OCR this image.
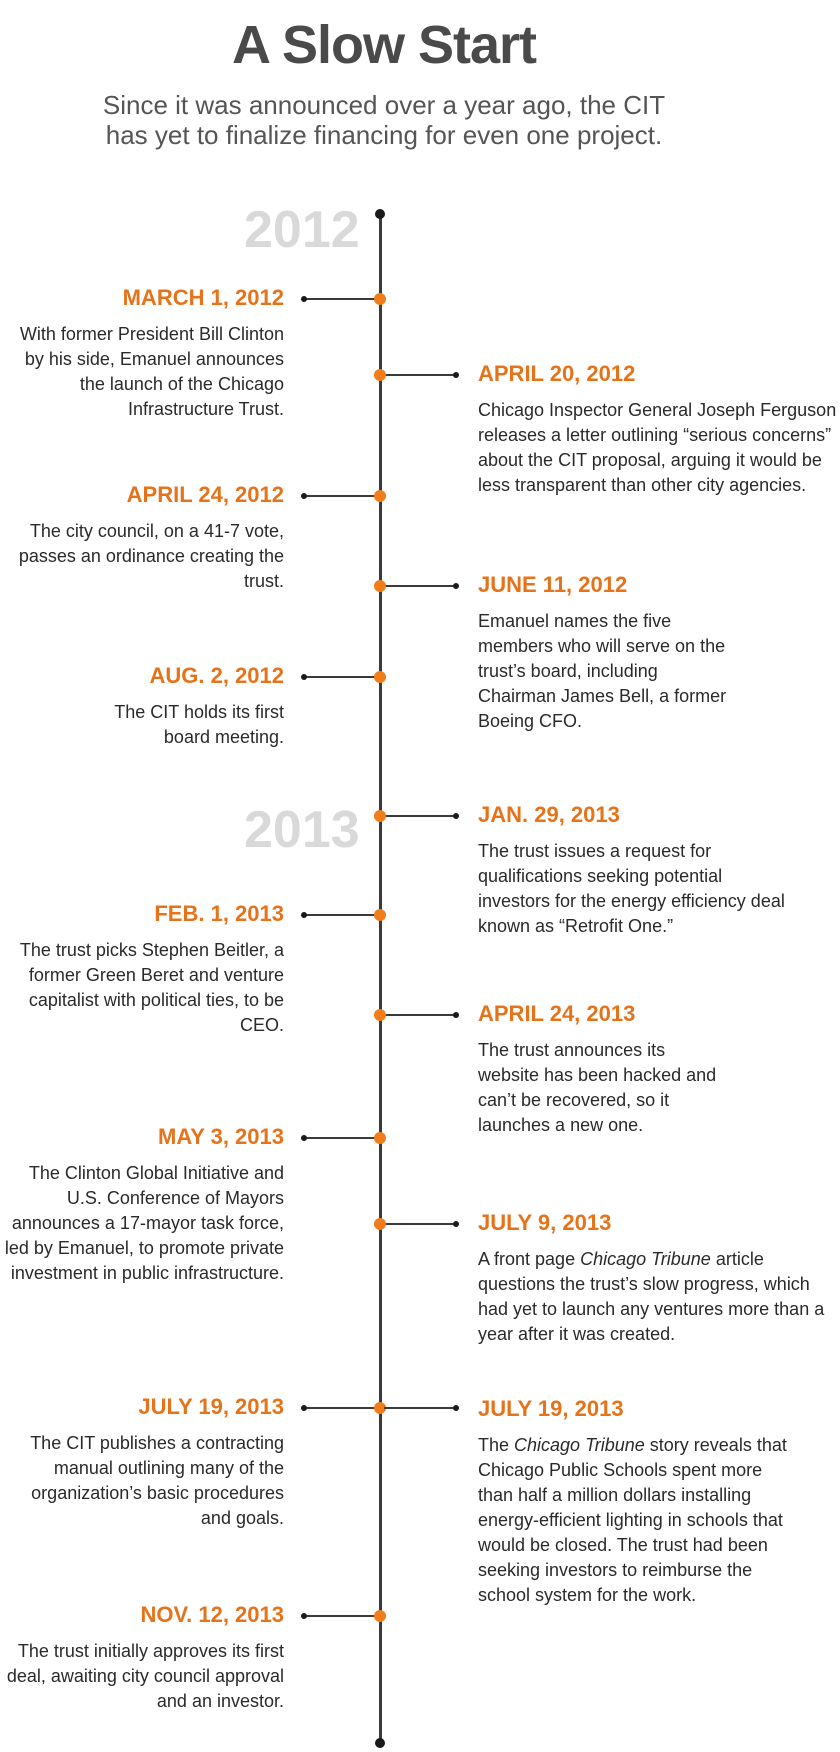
A Slow Start
Since it was announced over a year ago, the CIT
has yet to finalize financing for even one project.
2012
2013
MARCH 1, 2012
With former President Bill Clinton by his side, Emanuel announces the launch of the Chicago Infrastructure Trust.
APRIL 24, 2012
The city council, on a 41-7 vote, passes an ordinance creating the trust.
AUG. 2, 2012
The CIT holds its first board meeting.
FEB. 1, 2013
The trust picks Stephen Beitler, a former Green Beret and venture capitalist with political ties, to be CEO.
MAY 3, 2013
The Clinton Global Initiative and U.S. Conference of Mayors announces a 17-mayor task force, led by Emanuel, to promote private investment in public infrastructure.
JULY 19, 2013
The CIT publishes a contracting manual outlining many of the organization’s basic procedures and goals.
NOV. 12, 2013
The trust initially approves its first deal, awaiting city council approval and an investor.
APRIL 20, 2012
Chicago Inspector General Joseph Ferguson releases a letter outlining “serious concerns” about the CIT proposal, arguing it would be less transparent than other city agencies.
JUNE 11, 2012
Emanuel names the five members who will serve on the trust’s board, including Chairman James Bell, a former Boeing CFO.
JAN. 29, 2013
The trust issues a request for qualifications seeking potential investors for the energy efficiency deal known as “Retrofit One.”
APRIL 24, 2013
The trust announces its website has been hacked and can’t be recovered, so it launches a new one.
JULY 9, 2013
A front page Chicago Tribune article questions the trust’s slow progress, which had yet to launch any ventures more than a year after it was created.
JULY 19, 2013
The Chicago Tribune story reveals that Chicago Public Schools spent more than half a million dollars installing energy-efficient lighting in schools that would be closed. The trust had been seeking investors to reimburse the school system for the work.
